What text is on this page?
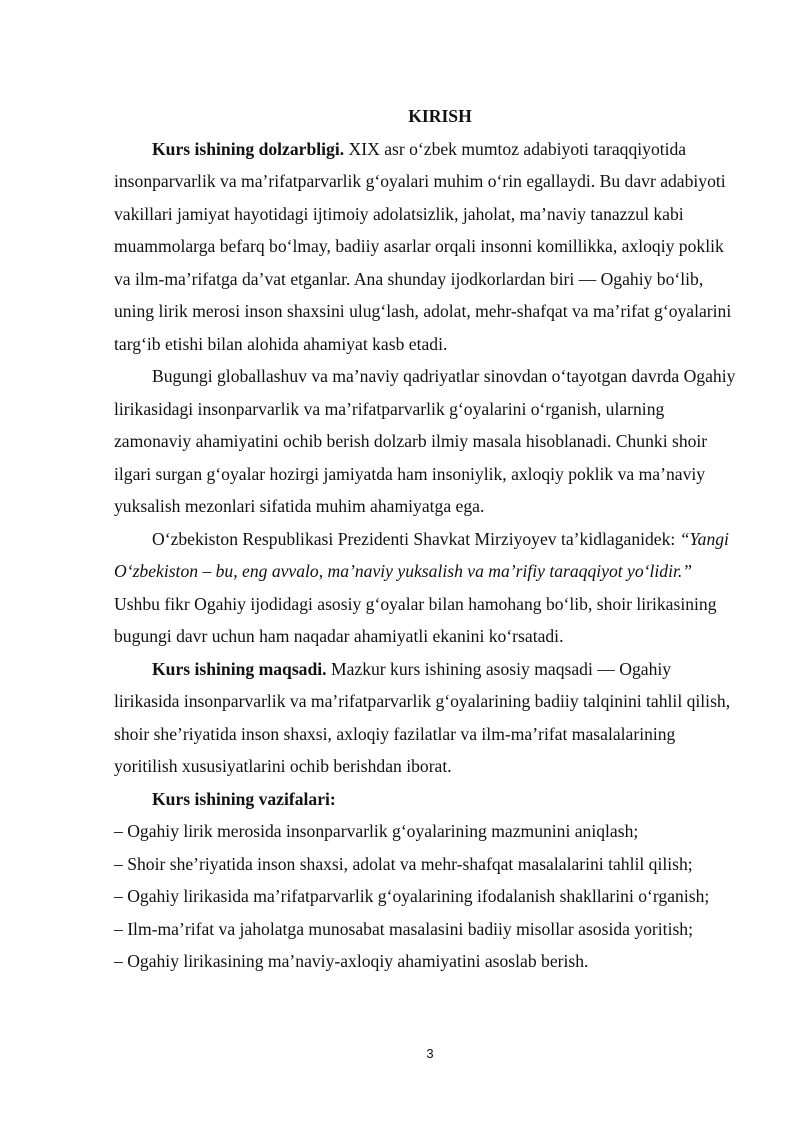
KIRISH

Kurs ishining dolzarbligi. XIX asr o‘zbek mumtoz adabiyoti taraqqiyotida insonparvarlik va ma’rifatparvarlik g‘oyalari muhim o‘rin egallaydi. Bu davr adabiyoti vakillari jamiyat hayotidagi ijtimoiy adolatsizlik, jaholat, ma’naviy tanazzul kabi muammolarga befarq bo‘lmay, badiiy asarlar orqali insonni komillikka, axloqiy poklik va ilm-ma’rifatga da’vat etganlar. Ana shunday ijodkorlardan biri — Ogahiy bo‘lib, uning lirik merosi inson shaxsini ulug‘lash, adolat, mehr-shafqat va ma’rifat g‘oyalarini targ‘ib etishi bilan alohida ahamiyat kasb etadi.

Bugungi globallashuv va ma’naviy qadriyatlar sinovdan o‘tayotgan davrda Ogahiy lirikasidagi insonparvarlik va ma’rifatparvarlik g‘oyalarini o‘rganish, ularning zamonaviy ahamiyatini ochib berish dolzarb ilmiy masala hisoblanadi. Chunki shoir ilgari surgan g‘oyalar hozirgi jamiyatda ham insoniylik, axloqiy poklik va ma’naviy yuksalish mezonlari sifatida muhim ahamiyatga ega.

O‘zbekiston Respublikasi Prezidenti Shavkat Mirziyoyev ta’kidlaganidek: “Yangi O‘zbekiston – bu, eng avvalo, ma’naviy yuksalish va ma’rifiy taraqqiyot yo‘lidir.” Ushbu fikr Ogahiy ijodidagi asosiy g‘oyalar bilan hamohang bo‘lib, shoir lirikasining bugungi davr uchun ham naqadar ahamiyatli ekanini ko‘rsatadi.

Kurs ishining maqsadi. Mazkur kurs ishining asosiy maqsadi — Ogahiy lirikasida insonparvarlik va ma’rifatparvarlik g‘oyalarining badiiy talqinini tahlil qilish, shoir she’riyatida inson shaxsi, axloqiy fazilatlar va ilm-ma’rifat masalalarining yoritilish xususiyatlarini ochib berishdan iborat.

Kurs ishining vazifalari:

– Ogahiy lirik merosida insonparvarlik g‘oyalarining mazmunini aniqlash;

– Shoir she’riyatida inson shaxsi, adolat va mehr-shafqat masalalarini tahlil qilish;

– Ogahiy lirikasida ma’rifatparvarlik g‘oyalarining ifodalanish shakllarini o‘rganish;

– Ilm-ma’rifat va jaholatga munosabat masalasini badiiy misollar asosida yoritish;

– Ogahiy lirikasining ma’naviy-axloqiy ahamiyatini asoslab berish.

3
